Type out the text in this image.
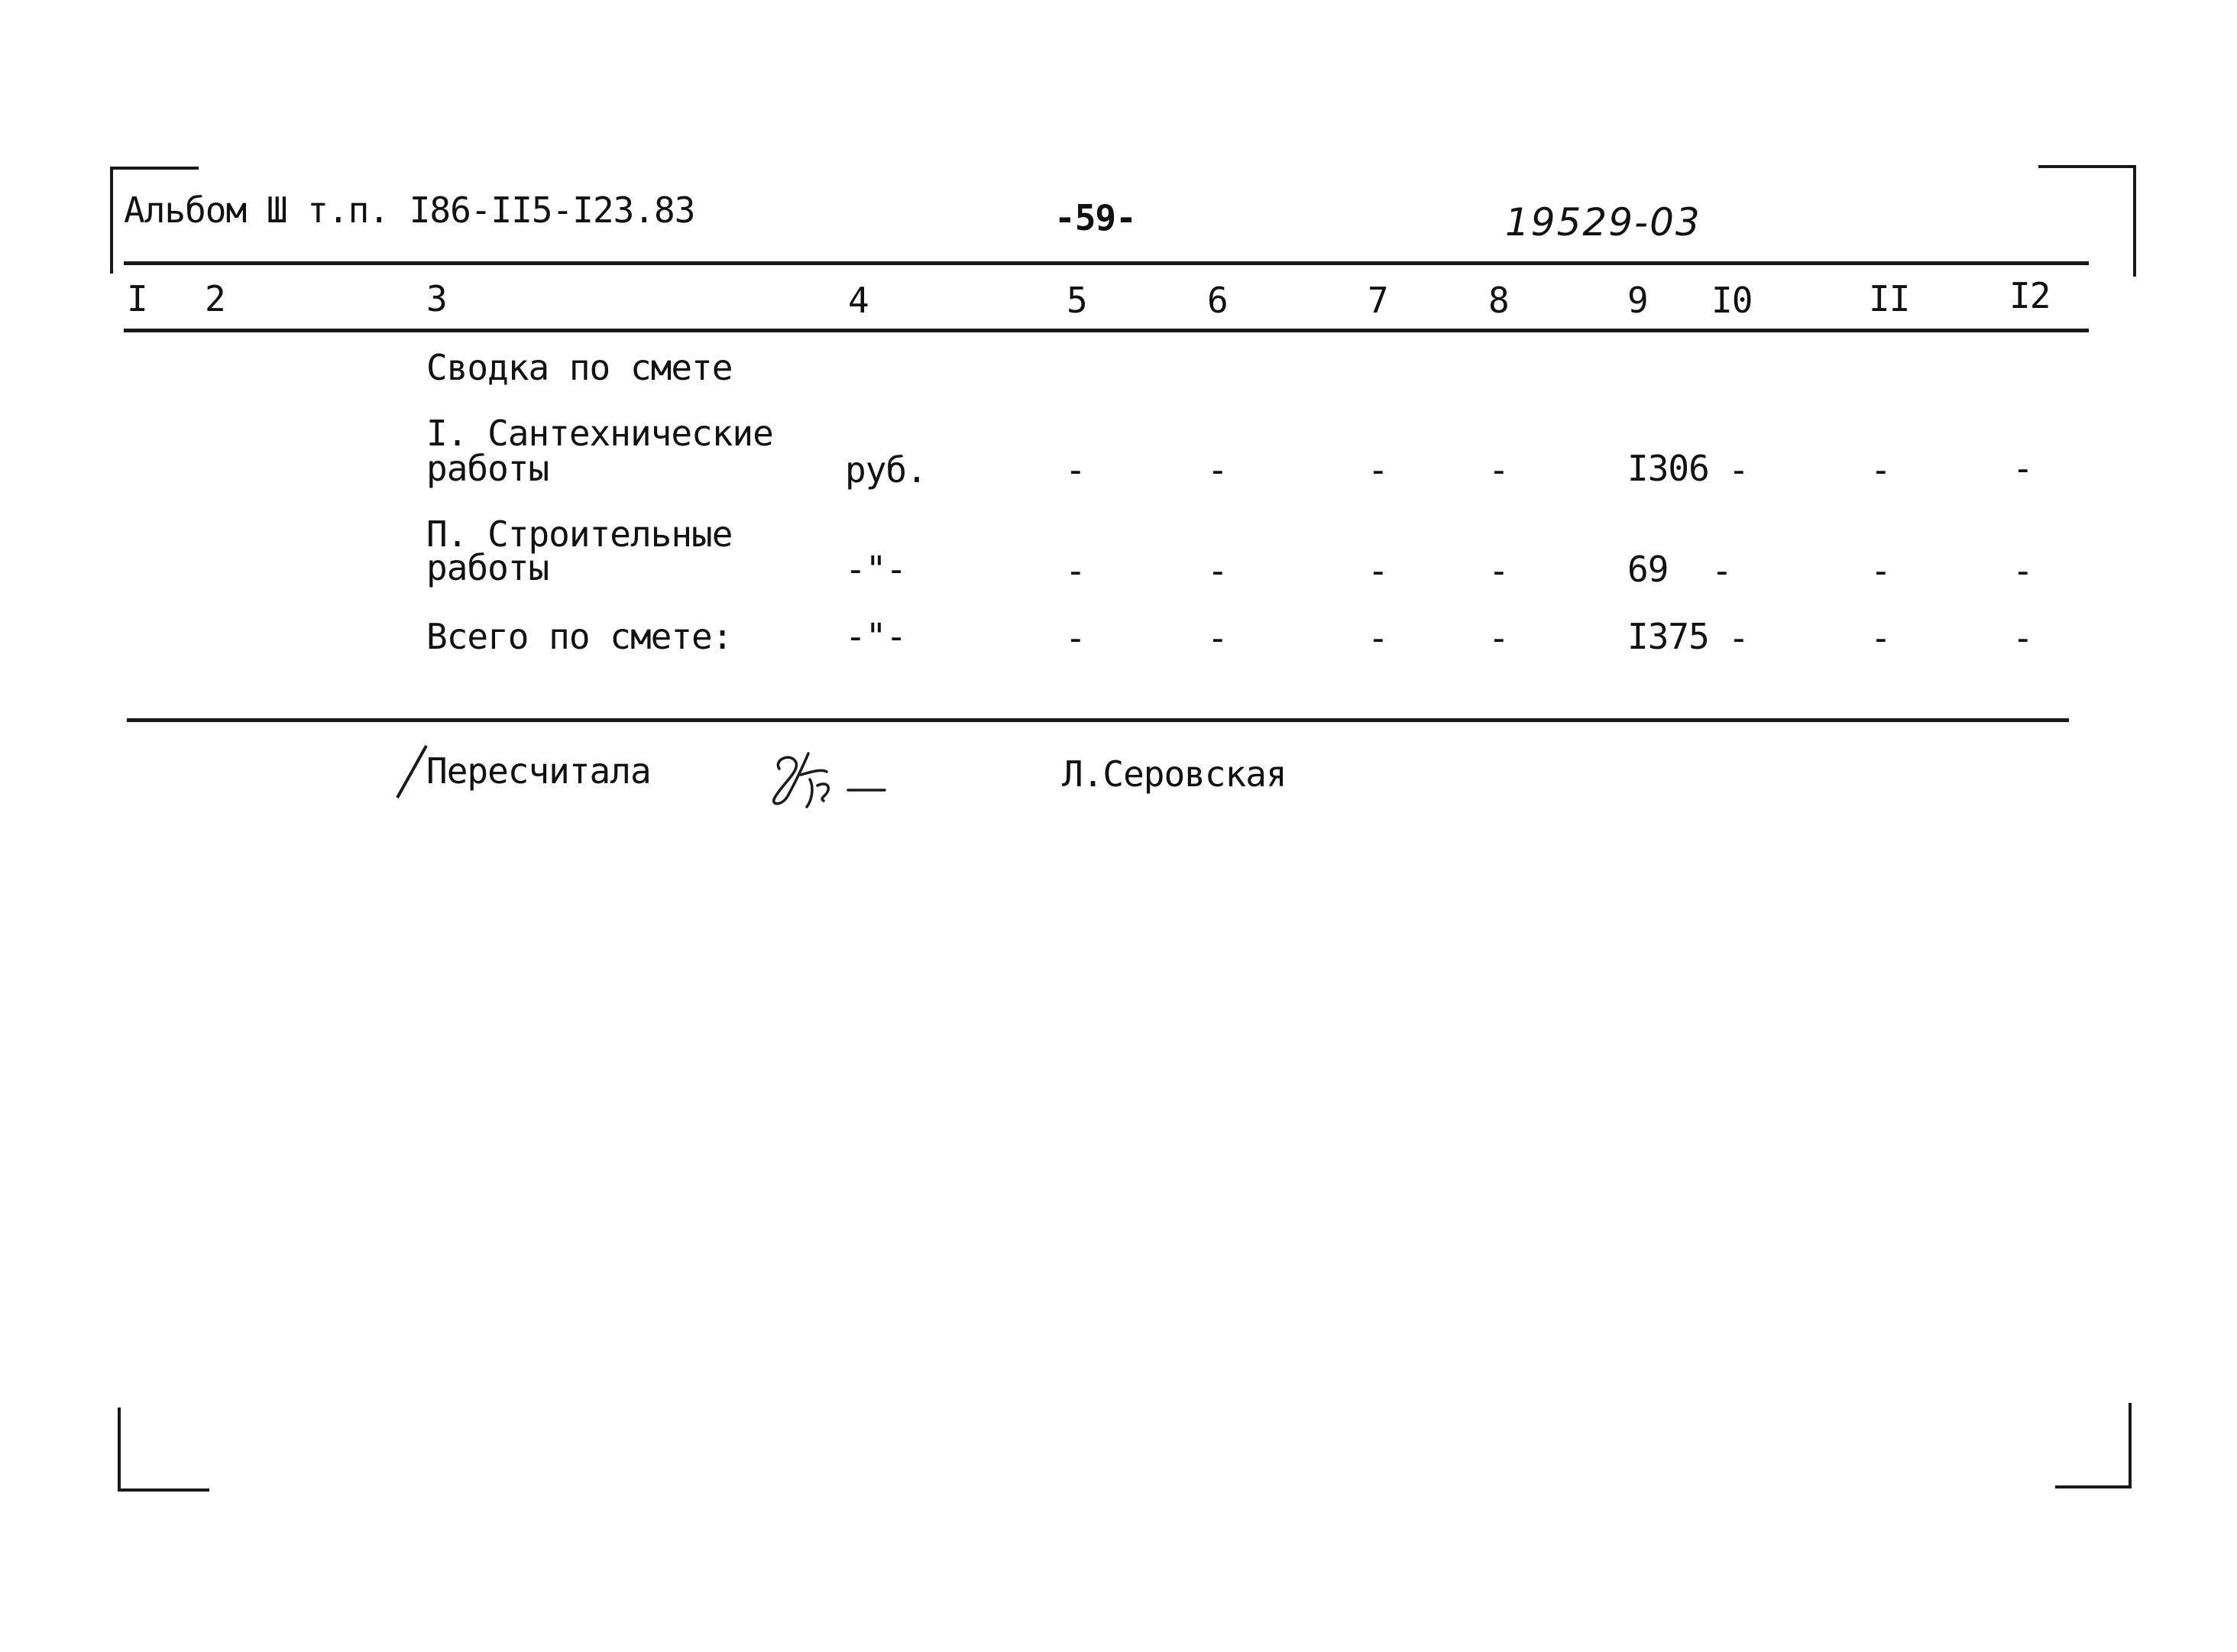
Альбом Ш т.п. I86-II5-I23.83	-59-	19529-03
I 2	3	4	5	6	7	8	9 I0	II	I2
Сводка по смете
I. Сантехнические
работы	руб.	-	-	-	-	I306 -	-	-
П. Строительные
работы	-"-	-	-	-	-	69 -	-	-
Всего по смете:	-"-	-	-	-	-	I375 -	-	-
Пересчитала	Л.Серовская
